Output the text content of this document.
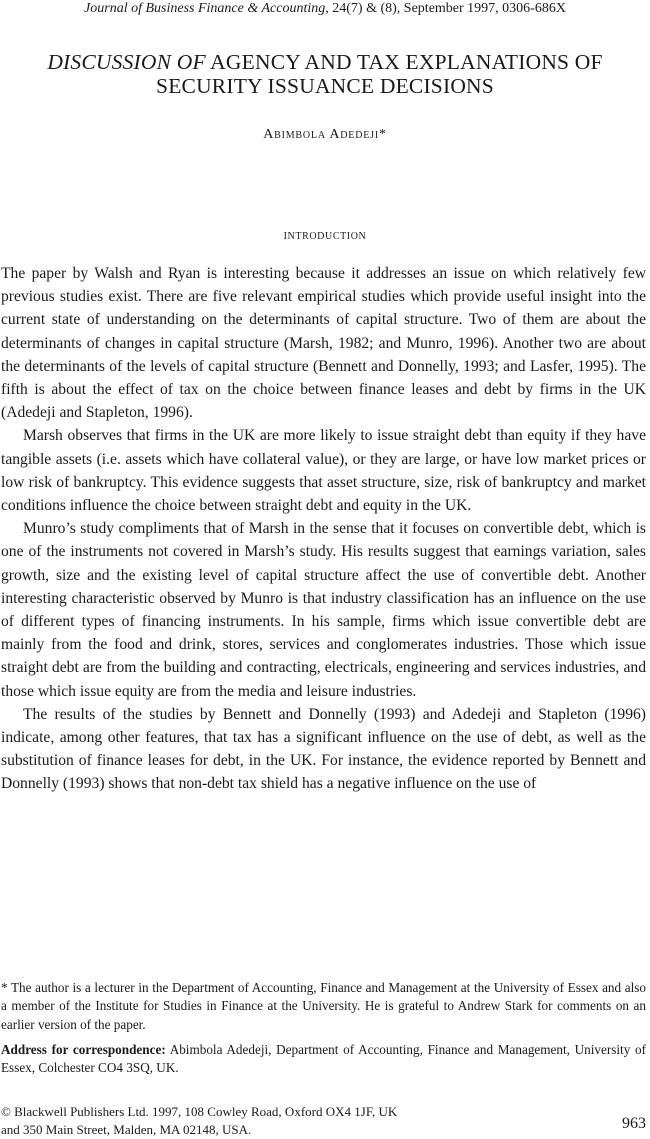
Journal of Business Finance & Accounting, 24(7) & (8), September 1997, 0306-686X
DISCUSSION OF AGENCY AND TAX EXPLANATIONS OF
SECURITY ISSUANCE DECISIONS
Abimbola Adedeji*
introduction

The paper by Walsh and Ryan is interesting because it addresses an issue on which relatively few previous studies exist. There are five relevant empirical studies which provide useful insight into the current state of understanding on the determinants of capital structure. Two of them are about the determinants of changes in capital structure (Marsh, 1982; and Munro, 1996). Another two are about the determinants of the levels of capital structure (Bennett and Donnelly, 1993; and Lasfer, 1995). The fifth is about the effect of tax on the choice between finance leases and debt by firms in the UK (Adedeji and Stapleton, 1996).

Marsh observes that firms in the UK are more likely to issue straight debt than equity if they have tangible assets (i.e. assets which have collateral value), or they are large, or have low market prices or low risk of bankruptcy. This evidence suggests that asset structure, size, risk of bankruptcy and market conditions influence the choice between straight debt and equity in the UK.

Munro’s study compliments that of Marsh in the sense that it focuses on convertible debt, which is one of the instruments not covered in Marsh’s study. His results suggest that earnings variation, sales growth, size and the existing level of capital structure affect the use of convertible debt. Another interesting characteristic observed by Munro is that industry classification has an influence on the use of different types of financing instruments. In his sample, firms which issue convertible debt are mainly from the food and drink, stores, services and conglomerates industries. Those which issue straight debt are from the building and contracting, electricals, engineering and services industries, and those which issue equity are from the media and leisure industries.

The results of the studies by Bennett and Donnelly (1993) and Adedeji and Stapleton (1996) indicate, among other features, that tax has a significant influence on the use of debt, as well as the substitution of finance leases for debt, in the UK. For instance, the evidence reported by Bennett and Donnelly (1993) shows that non-debt tax shield has a negative influence on the use of

* The author is a lecturer in the Department of Accounting, Finance and Management at the University of Essex and also a member of the Institute for Studies in Finance at the University. He is grateful to Andrew Stark for comments on an earlier version of the paper.

Address for correspondence: Abimbola Adedeji, Department of Accounting, Finance and Management, University of Essex, Colchester CO4 3SQ, UK.

© Blackwell Publishers Ltd. 1997, 108 Cowley Road, Oxford OX4 1JF, UK
and 350 Main Street, Malden, MA 02148, USA.	963
